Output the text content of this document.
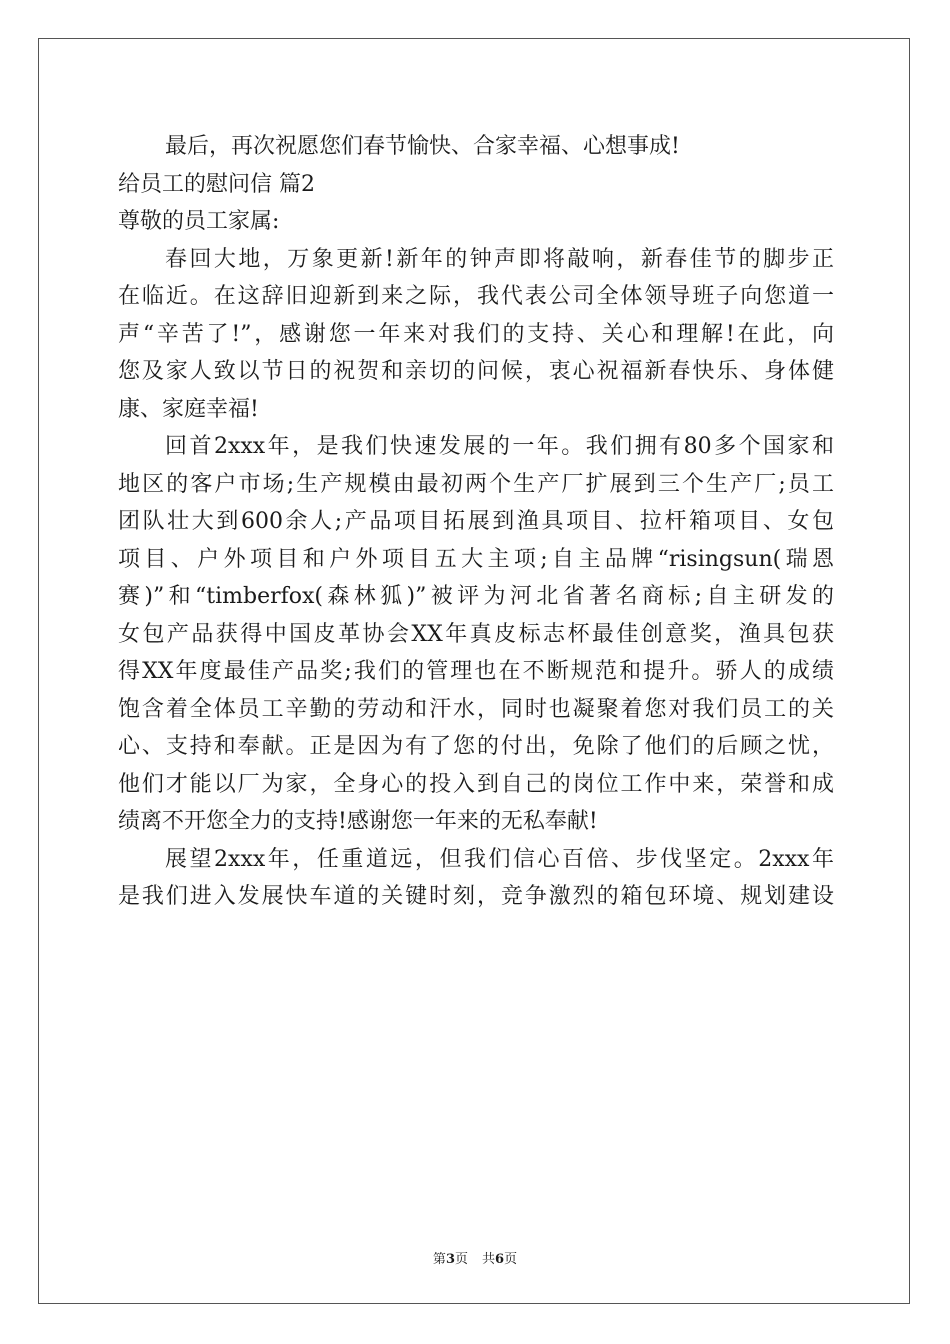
最后，再次祝愿您们春节愉快、合家幸福、心想事成!
给员工的慰问信 篇2
尊敬的员工家属:
春回大地，万象更新!新年的钟声即将敲响，新春佳节的脚步正
在临近。在这辞旧迎新到来之际，我代表公司全体领导班子向您道一
声“辛苦了!”，感谢您一年来对我们的支持、关心和理解!在此，向
您及家人致以节日的祝贺和亲切的问候，衷心祝福新春快乐、身体健
康、家庭幸福!
回首2xxx年，是我们快速发展的一年。我们拥有80多个国家和
地区的客户市场;生产规模由最初两个生产厂扩展到三个生产厂;员工
团队壮大到600余人;产品项目拓展到渔具项目、拉杆箱项目、女包
项目、户外项目和户外项目五大主项;自主品牌“risingsun(瑞恩
赛)”和“timberfox(森林狐)”被评为河北省著名商标;自主研发的
女包产品获得中国皮革协会XX年真皮标志杯最佳创意奖，渔具包获
得XX年度最佳产品奖;我们的管理也在不断规范和提升。骄人的成绩
饱含着全体员工辛勤的劳动和汗水，同时也凝聚着您对我们员工的关
心、支持和奉献。正是因为有了您的付出，免除了他们的后顾之忧，
他们才能以厂为家，全身心的投入到自己的岗位工作中来，荣誉和成
绩离不开您全力的支持!感谢您一年来的无私奉献!
展望2xxx年，任重道远，但我们信心百倍、步伐坚定。2xxx年
是我们进入发展快车道的关键时刻，竞争激烈的箱包环境、规划建设
第3页 共6页
